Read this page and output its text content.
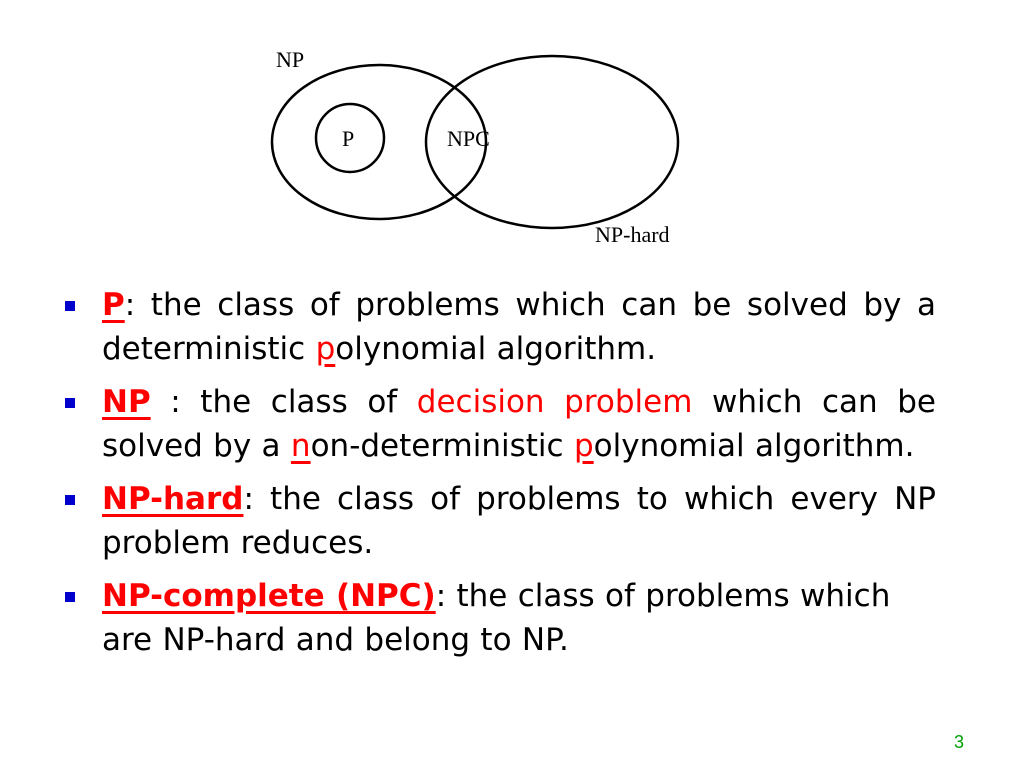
NP
P	NPC
NP-hard
P: the class of problems which can be solved by a deterministic polynomial algorithm.
NP : the class of decision problem which can be solved by a non-deterministic polynomial algorithm.
NP-hard: the class of problems to which every NP problem reduces.
NP-complete (NPC): the class of problems which are NP-hard and belong to NP.
3
